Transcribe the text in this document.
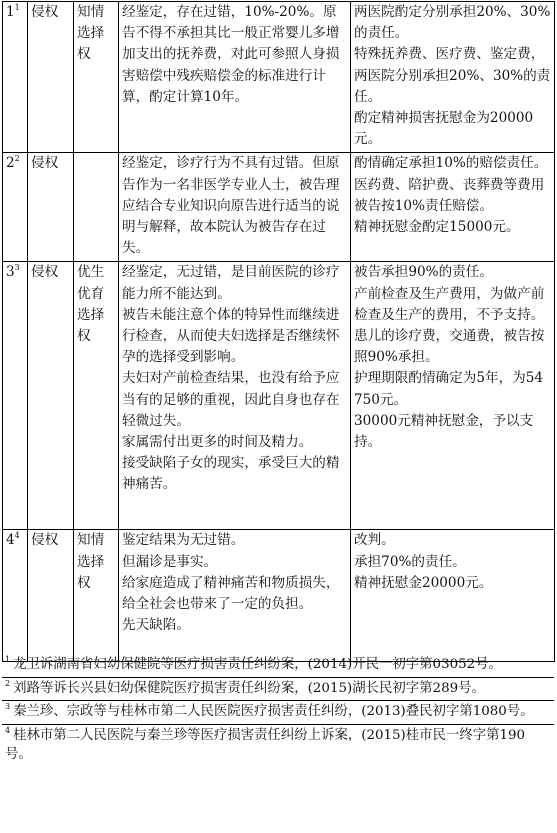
$1^1$	侵权	知情选择权	经鉴定，存在过错，10%-20%。原告不得不承担其比一般正常婴儿多增加支出的抚养费，对此可参照人身损害赔偿中残疾赔偿金的标准进行计算，酌定计算10年。	两医院酌定分别承担20%、30%的责任。
特殊抚养费、医疗费、鉴定费，两医院分别承担20%、30%的责任。
酌定精神损害抚慰金为20000元。

$2^2$	侵权		经鉴定，诊疗行为不具有过错。但原告作为一名非医学专业人士，被告理应结合专业知识向原告进行适当的说明与解释，故本院认为被告存在过失。	酌情确定承担10%的赔偿责任。
医药费、陪护费、丧葬费等费用被告按10%责任赔偿。
精神抚慰金酌定15000元。

$3^3$	侵权	优生优育选择权	经鉴定，无过错，是目前医院的诊疗能力所不能达到。
被告未能注意个体的特异性而继续进行检查，从而使夫妇选择是否继续怀孕的选择受到影响。
夫妇对产前检查结果，也没有给予应当有的足够的重视，因此自身也存在轻微过失。
家属需付出更多的时间及精力。
接受缺陷子女的现实，承受巨大的精神痛苦。	被告承担90%的责任。
产前检查及生产费用，为做产前检查及生产的费用，不予支持。
患儿的诊疗费，交通费，被告按照90%承担。
护理期限酌情确定为5年，为54750元。
30000元精神抚慰金，予以支持。

$4^4$	侵权	知情选择权	鉴定结果为无过错。
但漏诊是事实。
给家庭造成了精神痛苦和物质损失，给全社会也带来了一定的负担。
先天缺陷。	改判。
承担70%的责任。
精神抚慰金20000元。
$^1$ 龙卫诉湖南省妇幼保健院等医疗损害责任纠纷案，(2014)开民一初字第03052号。
$^2$ 刘路等诉长兴县妇幼保健院医疗损害责任纠纷案，(2015)湖长民初字第289号。
$^3$ 秦兰珍、宗政等与桂林市第二人民医院医疗损害责任纠纷，(2013)叠民初字第1080号。
$^4$ 桂林市第二人民医院与秦兰珍等医疗损害责任纠纷上诉案，(2015)桂市民一终字第190号。
